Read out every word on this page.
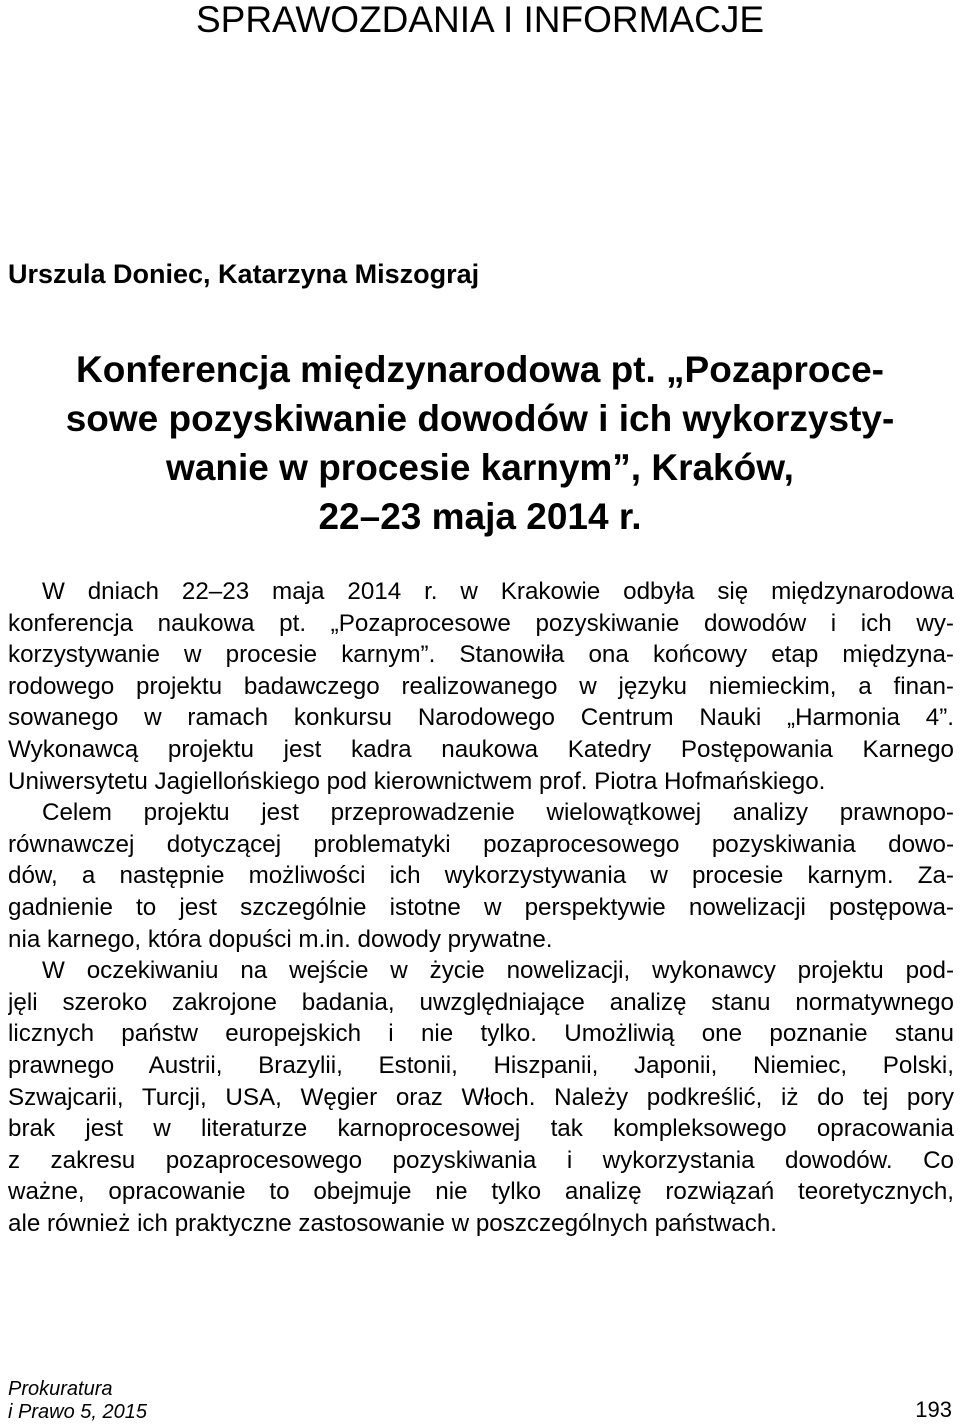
SPRAWOZDANIA I INFORMACJE

Urszula Doniec, Katarzyna Miszograj

Konferencja międzynarodowa pt. „Pozaproce-
sowe pozyskiwanie dowodów i ich wykorzysty-
wanie w procesie karnym”, Kraków,
22–23 maja 2014 r.
W dniach 22–23 maja 2014 r. w Krakowie odbyła się międzynarodowa
konferencja naukowa pt. „Pozaprocesowe pozyskiwanie dowodów i ich wy-
korzystywanie w procesie karnym”. Stanowiła ona końcowy etap międzyna-
rodowego projektu badawczego realizowanego w języku niemieckim, a finan-
sowanego w ramach konkursu Narodowego Centrum Nauki „Harmonia 4”.
Wykonawcą projektu jest kadra naukowa Katedry Postępowania Karnego
Uniwersytetu Jagiellońskiego pod kierownictwem prof. Piotra Hofmańskiego.
Celem projektu jest przeprowadzenie wielowątkowej analizy prawnopo-
równawczej dotyczącej problematyki pozaprocesowego pozyskiwania dowo-
dów, a następnie możliwości ich wykorzystywania w procesie karnym. Za-
gadnienie to jest szczególnie istotne w perspektywie nowelizacji postępowa-
nia karnego, która dopuści m.in. dowody prywatne.
W oczekiwaniu na wejście w życie nowelizacji, wykonawcy projektu pod-
jęli szeroko zakrojone badania, uwzględniające analizę stanu normatywnego
licznych państw europejskich i nie tylko. Umożliwią one poznanie stanu
prawnego Austrii, Brazylii, Estonii, Hiszpanii, Japonii, Niemiec, Polski,
Szwajcarii, Turcji, USA, Węgier oraz Włoch. Należy podkreślić, iż do tej pory
brak jest w literaturze karnoprocesowej tak kompleksowego opracowania
z zakresu pozaprocesowego pozyskiwania i wykorzystania dowodów. Co
ważne, opracowanie to obejmuje nie tylko analizę rozwiązań teoretycznych,
ale również ich praktyczne zastosowanie w poszczególnych państwach.
Prokuratura
i Prawo 5, 2015	193
